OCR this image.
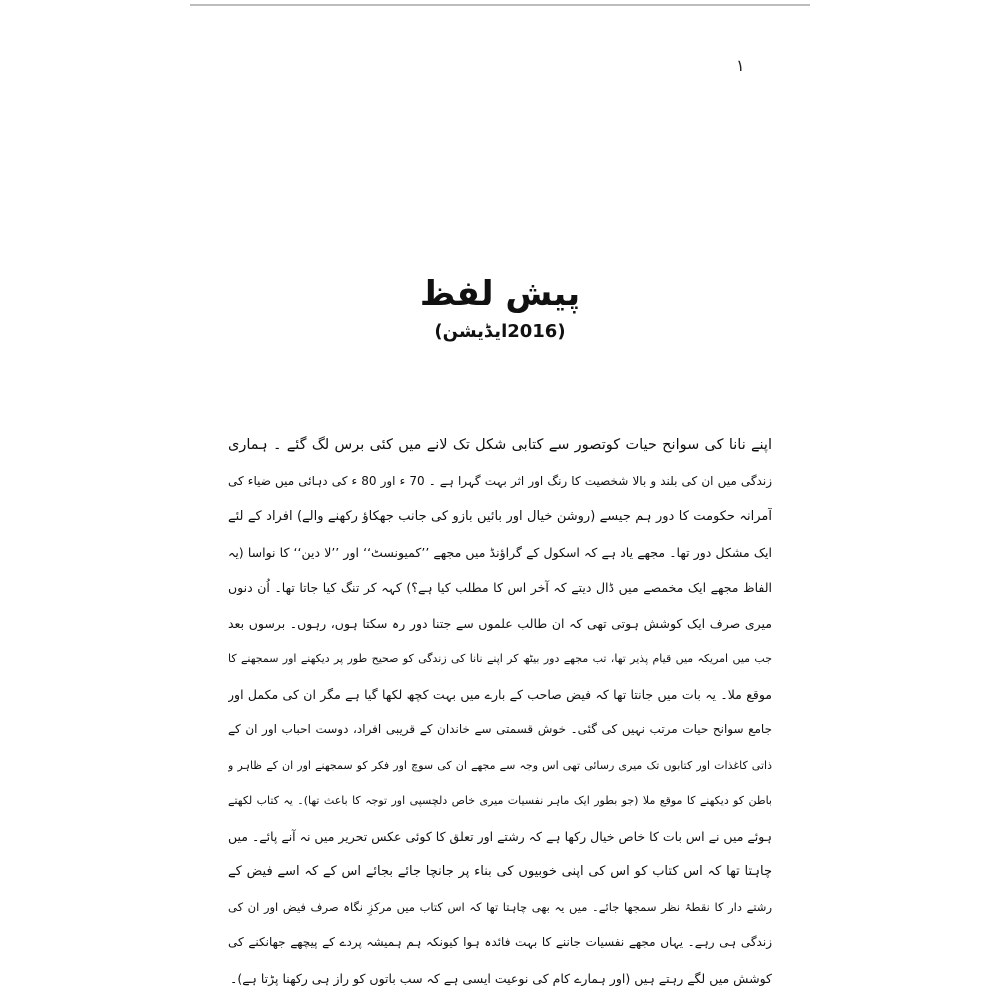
۱
پیش لفظ
(2016ایڈیشن)
اپنے نانا کی سوانح حیات کوتصور سے کتابی شکل تک لانے میں کئی برس لگ گئے ۔ ہماری
زندگی میں ان کی بلند و بالا شخصیت کا رنگ اور اثر بہت گہرا ہے ۔ 70 ء اور 80 ء کی دہائی میں ضیاء کی
آمرانہ حکومت کا دور ہم جیسے (روشن خیال اور بائیں بازو کی جانب جھکاؤ رکھنے والے) افراد کے لئے
ایک مشکل دور تھا۔ مجھے یاد ہے کہ اسکول کے گراؤنڈ میں مجھے ’’کمیونسٹ‘‘ اور ’’لا دین‘‘ کا نواسا (یہ
الفاظ مجھے ایک مخمصے میں ڈال دیتے کہ آخر اس کا مطلب کیا ہے؟) کہہ کر تنگ کیا جاتا تھا۔ اُن دنوں
میری صرف ایک کوشش ہوتی تھی کہ ان طالب علموں سے جتنا دور رہ سکتا ہوں، رہوں۔ برسوں بعد
جب میں امریکہ میں قیام پذیر تھا، تب مجھے دور بیٹھ کر اپنے نانا کی زندگی کو صحیح طور پر دیکھنے اور سمجھنے کا
موقع ملا۔ یہ بات میں جانتا تھا کہ فیض صاحب کے بارے میں بہت کچھ لکھا گیا ہے مگر ان کی مکمل اور
جامع سوانح حیات مرتب نہیں کی گئی۔ خوش قسمتی سے خاندان کے قریبی افراد، دوست احباب اور ان کے
ذاتی کاغذات اور کتابوں تک میری رسائی تھی اس وجہ سے مجھے ان کی سوچ اور فکر کو سمجھنے اور ان کے ظاہر و
باطن کو دیکھنے کا موقع ملا (جو بطور ایک ماہر نفسیات میری خاص دلچسپی اور توجہ کا باعث تھا)۔ یہ کتاب لکھتے
ہوئے میں نے اس بات کا خاص خیال رکھا ہے کہ رشتے اور تعلق کا کوئی عکس تحریر میں نہ آنے پائے۔ میں
چاہتا تھا کہ اس کتاب کو اس کی اپنی خوبیوں کی بناء پر جانچا جائے بجائے اس کے کہ اسے فیض کے
رشتے دار کا نقطۂ نظر سمجھا جائے۔ میں یہ بھی چاہتا تھا کہ اس کتاب میں مرکزِ نگاہ صرف فیض اور ان کی
زندگی ہی رہے۔ یہاں مجھے نفسیات جاننے کا بہت فائدہ ہوا کیونکہ ہم ہمیشہ پردے کے پیچھے جھانکنے کی
کوشش میں لگے رہتے ہیں (اور ہمارے کام کی نوعیت ایسی ہے کہ سب باتوں کو راز ہی رکھنا پڑتا ہے)۔
